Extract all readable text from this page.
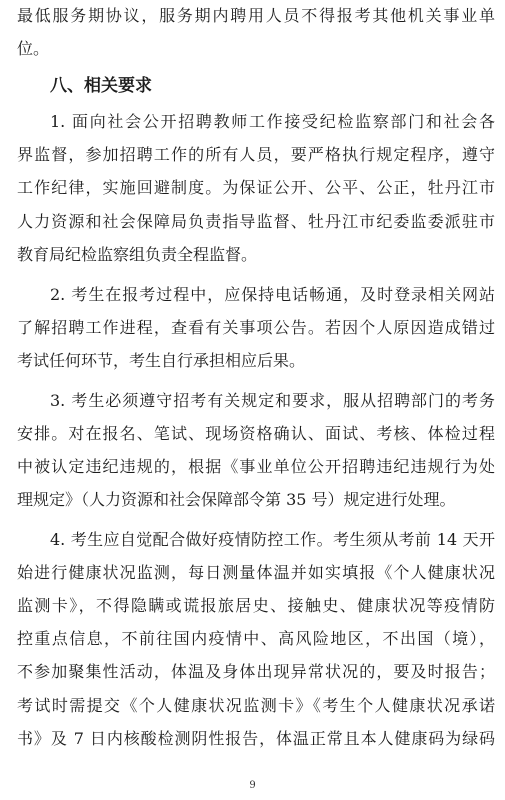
最低服务期协议，服务期内聘用人员不得报考其他机关事业单
位。
八、相关要求
1. 面向社会公开招聘教师工作接受纪检监察部门和社会各
界监督，参加招聘工作的所有人员，要严格执行规定程序，遵守
工作纪律，实施回避制度。为保证公开、公平、公正，牡丹江市
人力资源和社会保障局负责指导监督、牡丹江市纪委监委派驻市
教育局纪检监察组负责全程监督。
2. 考生在报考过程中，应保持电话畅通，及时登录相关网站
了解招聘工作进程，查看有关事项公告。若因个人原因造成错过
考试任何环节，考生自行承担相应后果。
3. 考生必须遵守招考有关规定和要求，服从招聘部门的考务
安排。对在报名、笔试、现场资格确认、面试、考核、体检过程
中被认定违纪违规的，根据《事业单位公开招聘违纪违规行为处
理规定》（人力资源和社会保障部令第 35 号）规定进行处理。
4. 考生应自觉配合做好疫情防控工作。考生须从考前 14 天开
始进行健康状况监测，每日测量体温并如实填报《个人健康状况
监测卡》，不得隐瞒或谎报旅居史、接触史、健康状况等疫情防
控重点信息，不前往国内疫情中、高风险地区，不出国（境），
不参加聚集性活动，体温及身体出现异常状况的，要及时报告；
考试时需提交《个人健康状况监测卡》《考生个人健康状况承诺
书》及 7 日内核酸检测阴性报告，体温正常且本人健康码为绿码
9
